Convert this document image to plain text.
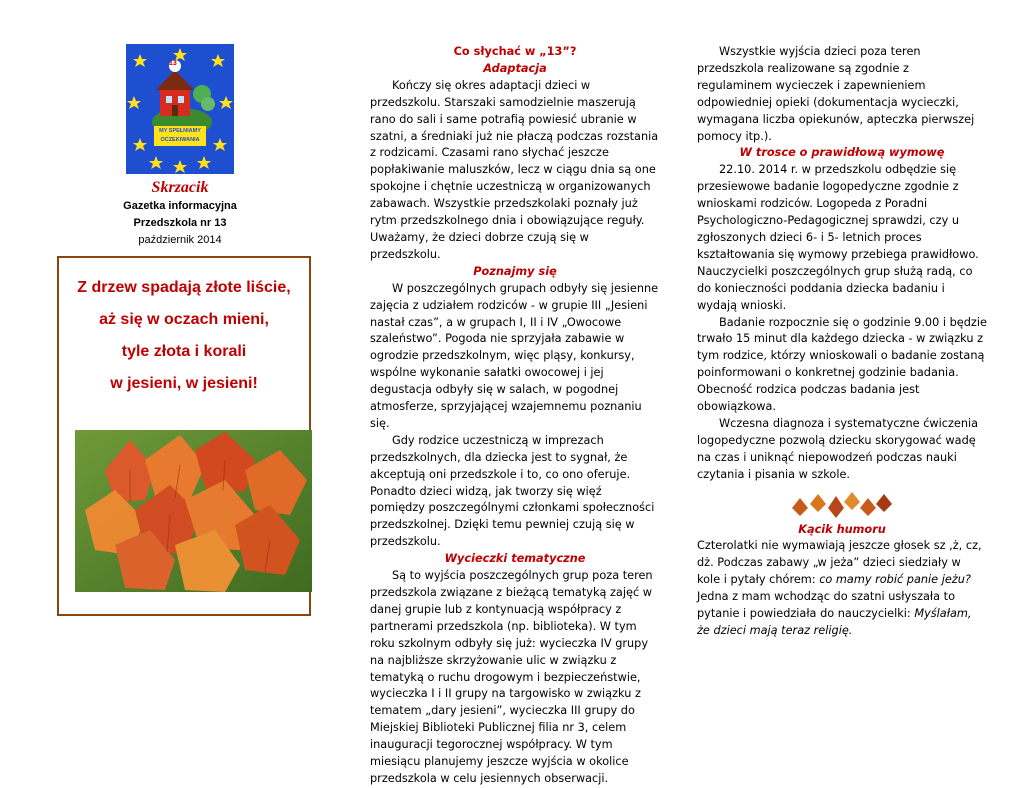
13
MY SPEŁNIAMY
OCZEKIWANIA
Skrzacik
Gazetka informacyjna
Przedszkola nr 13
październik 2014
Z drzew spadają złote liście,
aż się w oczach mieni,
tyle złota i korali
w jesieni, w jesieni!

Co słychać w „13”?

Adaptacja

Kończy się okres adaptacji dzieci w przedszkolu. Starszaki samodzielnie maszerują rano do sali i same potrafią powiesić ubranie w szatni, a średniaki już nie płaczą podczas rozstania z rodzicami. Czasami rano słychać jeszcze popłakiwanie maluszków, lecz w ciągu dnia są one spokojne i chętnie uczestniczą w organizowanych zabawach. Wszystkie przedszkolaki poznały już rytm przedszkolnego dnia i obowiązujące reguły. Uważamy, że dzieci dobrze czują się w przedszkolu.

Poznajmy się

W poszczególnych grupach odbyły się jesienne zajęcia z udziałem rodziców - w grupie III „Jesieni nastał czas”, a w grupach I, II i IV „Owocowe szaleństwo”. Pogoda nie sprzyjała zabawie w ogrodzie przedszkolnym, więc pląsy, konkursy, wspólne wykonanie sałatki owocowej i jej degustacja odbyły się w salach, w pogodnej atmosferze, sprzyjającej wzajemnemu poznaniu się.

Gdy rodzice uczestniczą w imprezach przedszkolnych, dla dziecka jest to sygnał, że akceptują oni przedszkole i to, co ono oferuje. Ponadto dzieci widzą, jak tworzy się więź pomiędzy poszczególnymi członkami społeczności przedszkolnej. Dzięki temu pewniej czują się w przedszkolu.

Wycieczki tematyczne

Są to wyjścia poszczególnych grup poza teren przedszkola związane z bieżącą tematyką zajęć w danej grupie lub z kontynuacją współpracy z partnerami przedszkola (np. biblioteka). W tym roku szkolnym odbyły się już: wycieczka IV grupy na najbliższe skrzyżowanie ulic w związku z tematyką o ruchu drogowym i bezpieczeństwie, wycieczka I i II grupy na targowisko w związku z tematem „dary jesieni”, wycieczka III grupy do Miejskiej Biblioteki Publicznej filia nr 3, celem inauguracji tegorocznej współpracy. W tym miesiącu planujemy jeszcze wyjścia w okolice przedszkola w celu jesiennych obserwacji.

Wszystkie wyjścia dzieci poza teren przedszkola realizowane są zgodnie z regulaminem wycieczek i zapewnieniem odpowiedniej opieki (dokumentacja wycieczki, wymagana liczba opiekunów, apteczka pierwszej pomocy itp.).

W trosce o prawidłową wymowę

22.10. 2014 r. w przedszkolu odbędzie się przesiewowe badanie logopedyczne zgodnie z wnioskami rodziców. Logopeda z Poradni Psychologiczno-Pedagogicznej sprawdzi, czy u zgłoszonych dzieci 6- i 5- letnich proces kształtowania się wymowy przebiega prawidłowo. Nauczycielki poszczególnych grup służą radą, co do konieczności poddania dziecka badaniu i wydają wnioski.

Badanie rozpocznie się o godzinie 9.00 i będzie trwało 15 minut dla każdego dziecka - w związku z tym rodzice, którzy wnioskowali o badanie zostaną poinformowani o konkretnej godzinie badania. Obecność rodzica podczas badania jest obowiązkowa.

Wczesna diagnoza i systematyczne ćwiczenia logopedyczne pozwolą dziecku skorygować wadę na czas i uniknąć niepowodzeń podczas nauki czytania i pisania w szkole.

Kącik humoru

Czterolatki nie wymawiają jeszcze głosek sz ,ż, cz, dż. Podczas zabawy „w jeża” dzieci siedziały w kole i pytały chórem: co mamy robić panie jeżu?

Jedna z mam wchodząc do szatni usłyszała to pytanie i powiedziała do nauczycielki: Myślałam, że dzieci mają teraz religię.
